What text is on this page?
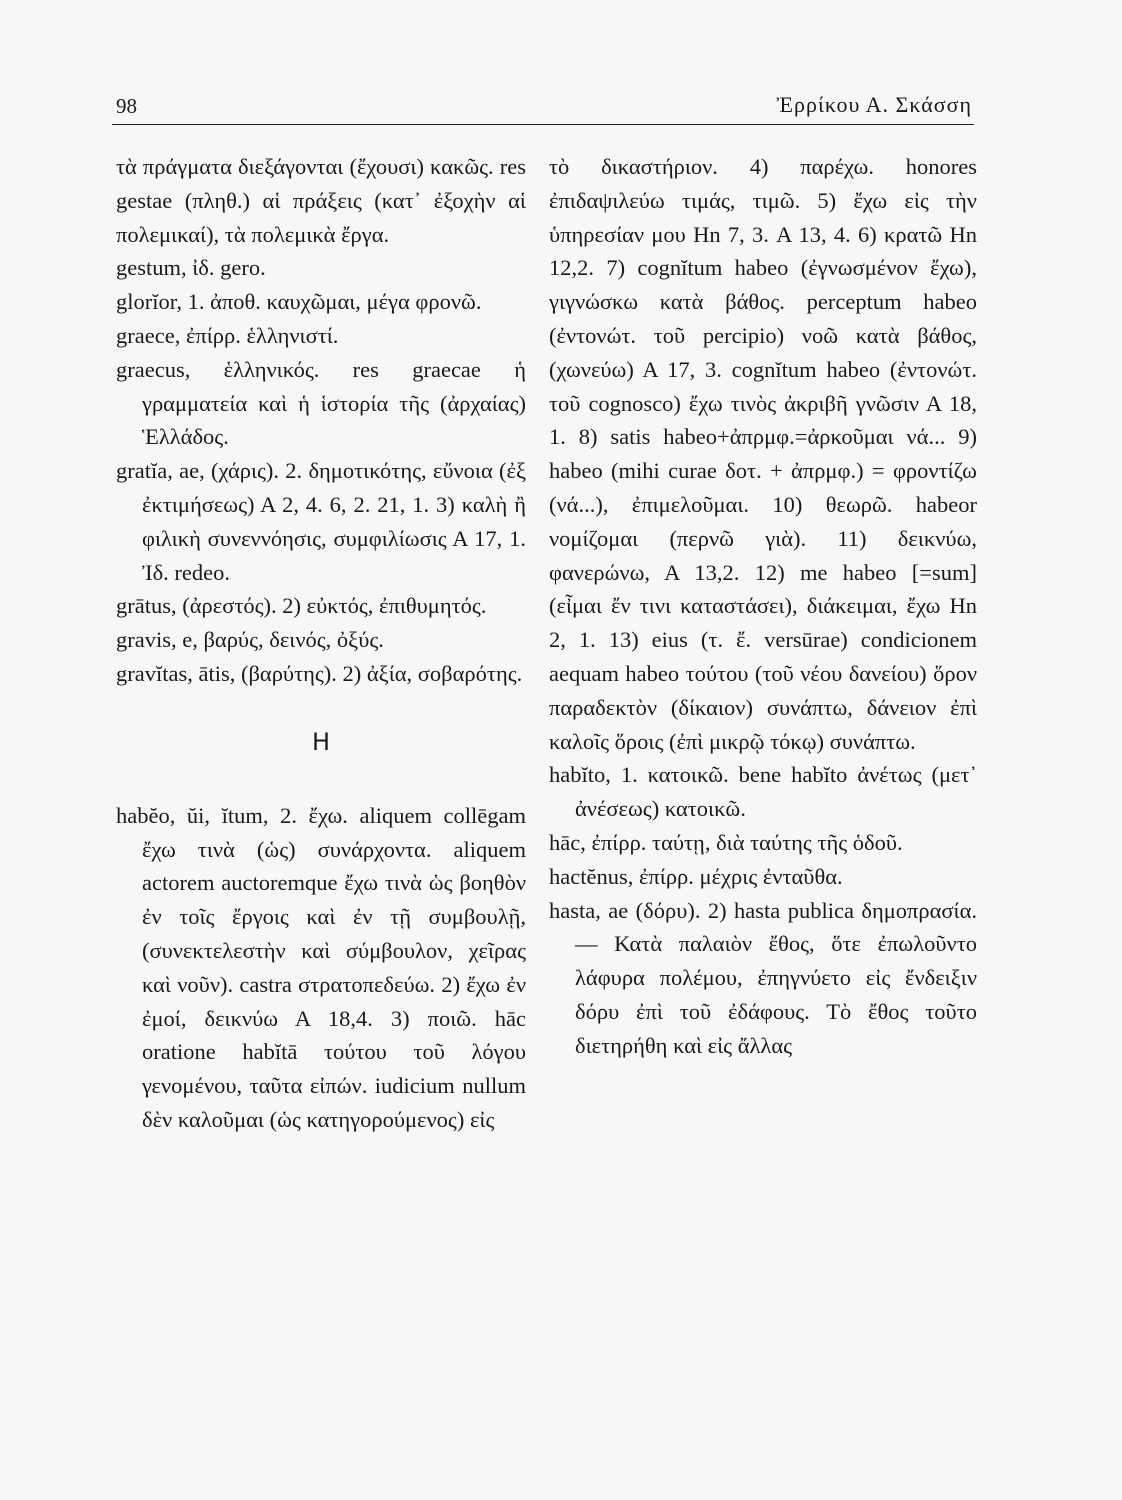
98	Ἐρρίκου Α. Σκάσση

τὰ πράγματα διεξάγονται (ἔχουσι) κακῶς. res gestae (πληθ.) αἱ πράξεις (κατ᾽ ἐξοχὴν αἱ πολεμικαί), τὰ πολεμικὰ ἔργα.

gestum, ἰδ. gero.

glorĭor, 1. ἀποθ. καυχῶμαι, μέγα φρονῶ.

graece, ἐπίρρ. ἑλληνιστί.

graecus, ἑλληνικός. res graecae ἡ γραμματεία καὶ ἡ ἱστορία τῆς (ἀρχαίας) Ἑλλάδος.

gratĭa, ae, (χάρις). 2. δημοτικότης, εὔνοια (ἐξ ἐκτιμήσεως) Α 2, 4. 6, 2. 21, 1. 3) καλὴ ἢ φιλικὴ συνεννόησις, συμφιλίωσις Α 17, 1. Ἰδ. redeo.

grātus, (ἀρεστός). 2) εὐκτός, ἐπιθυμητός.

gravis, e, βαρύς, δεινός, ὀξύς.

gravĭtas, ātis, (βαρύτης). 2) ἀξία, σοβαρότης.

H

habĕo, ŭi, ĭtum, 2. ἔχω. aliquem collēgam ἔχω τινὰ (ὡς) συνάρχοντα. aliquem actorem auctoremque ἔχω τινὰ ὡς βοηθὸν ἐν τοῖς ἔργοις καὶ ἐν τῇ συμβουλῇ, (συνεκτελεστὴν καὶ σύμβουλον, χεῖρας καὶ νοῦν). castra στρατοπεδεύω. 2) ἔχω ἐν ἐμοί, δεικνύω Α 18,4. 3) ποιῶ. hāc oratione habĭtā τούτου τοῦ λόγου γενομένου, ταῦτα εἰπών. iudicium nullum δὲν καλοῦμαι (ὡς κατηγορούμενος) εἰς

τὸ δικαστήριον. 4) παρέχω. honores ἐπιδαψιλεύω τιμάς, τιμῶ. 5) ἔχω εἰς τὴν ὑπηρεσίαν μου Hn 7, 3. Α 13, 4. 6) κρατῶ Hn 12,2. 7) cognĭtum habeo (ἐγνωσμένον ἔχω), γιγνώσκω κατὰ βάθος. perceptum habeo (ἐντονώτ. τοῦ percipio) νοῶ κατὰ βάθος, (χωνεύω) Α 17, 3. cognĭtum habeo (ἐντονώτ. τοῦ cognosco) ἔχω τινὸς ἀκριβῆ γνῶσιν Α 18, 1. 8) satis habeo+ἀπρμφ.=ἀρκοῦμαι νά... 9) habeo (mihi curae δοτ. + ἀπρμφ.) = φροντίζω (νά...), ἐπιμελοῦμαι. 10) θεωρῶ. habeor νομίζομαι (περνῶ γιὰ). 11) δεικνύω, φανερώνω, Α 13,2. 12) me habeo [=sum] (εἶμαι ἔν τινι καταστάσει), διάκειμαι, ἔχω Hn 2, 1. 13) eius (τ. ἔ. versūrae) condicionem aequam habeo τούτου (τοῦ νέου δανείου) ὅρον παραδεκτὸν (δίκαιον) συνάπτω, δάνειον ἐπὶ καλοῖς ὅροις (ἐπὶ μικρῷ τόκῳ) συνάπτω.

habĭto, 1. κατοικῶ. bene habĭto ἀνέτως (μετ᾽ ἀνέσεως) κατοικῶ.

hāc, ἐπίρρ. ταύτῃ, διὰ ταύτης τῆς ὁδοῦ.

hactĕnus, ἐπίρρ. μέχρις ἐνταῦθα.

hasta, ae (δόρυ). 2) hasta publica δημοπρασία.— Κατὰ παλαιὸν ἔθος, ὅτε ἐπωλοῦντο λάφυρα πολέμου, ἐπηγνύετο εἰς ἔνδειξιν δόρυ ἐπὶ τοῦ ἐδάφους. Τὸ ἔθος τοῦτο διετηρήθη καὶ εἰς ἄλλας
